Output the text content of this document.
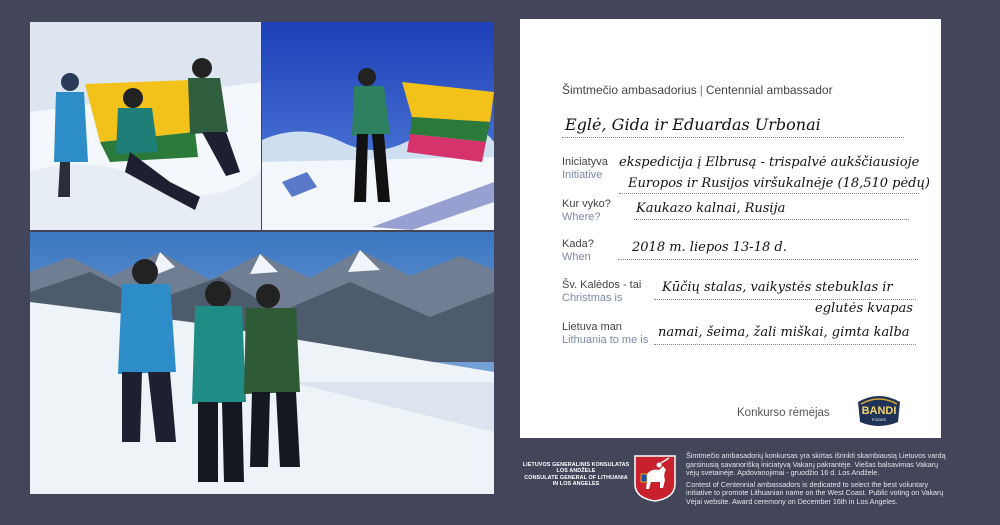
Šimtmečio ambasadorius | Centennial ambassador
Eglė, Gida ir Eduardas Urbonai
Iniciatyva
Initiative
ekspedicija į Elbrusą - trispalvė aukščiausioje
Europos ir Rusijos viršukalnėje (18,510 pėdų)
Kur vyko?
Where?
Kaukazo kalnai, Rusija
Kada?
When
2018 m. liepos 13-18 d.
Šv. Kalėdos - tai
Christmas is
Kūčių stalas, vaikystės stebuklas ir
eglutės kvapas
Lietuva man
Lithuania to me is namai, šeima, žali miškai, gimta kalba
Konkurso rėmėjas	BANDI
FOODS
LIETUVOS GENERALINIS KONSULATAS
LOS ANDŽELE
CONSULATE GENERAL OF LITHUANIA
IN LOS ANGELES

Šimtmečio ambasadorių konkursas yra skirtas išrinkti skambiausią Lietuvos vardą garsinusią savanorišką iniciatyvą Vakarų pakrantėje. Viešas balsavimas Vakarų vėjų svetainėje. Apdovanojimai - gruodžio 16 d. Los Andžele.

Contest of Centennial ambassadors is dedicated to select the best voluntary initiative to promote Lithuanian name on the West Coast. Public voting on Vakarų Vėjai website. Award ceremony on December 16th in Los Angeles.
